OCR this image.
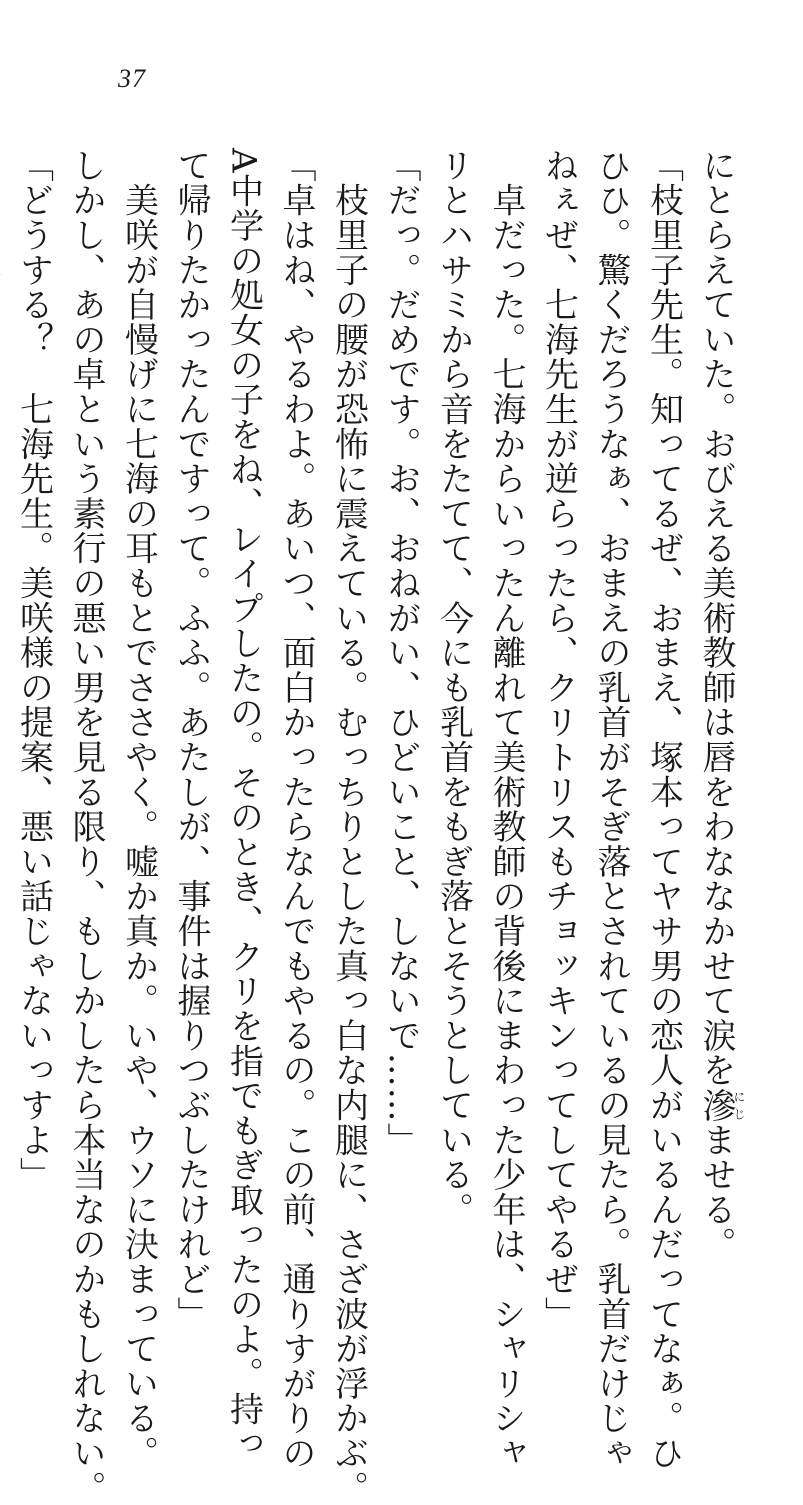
37
にとらえていた。おびえる美術教師は唇をわななかせて涙を滲にじませる。
「枝里子先生。知ってるぜ、おまえ、塚本ってヤサ男の恋人がいるんだってなぁ。ひ
ひひ。驚くだろうなぁ、おまえの乳首がそぎ落とされているの見たら。乳首だけじゃ
ねぇぜ、七海先生が逆らったら、クリトリスもチョッキンってしてやるぜ」
　卓だった。七海からいったん離れて美術教師の背後にまわった少年は、シャリシャ
リとハサミから音をたてて、今にも乳首をもぎ落とそうとしている。
「だっ。だめです。お、おねがい、ひどいこと、しないで……」
　枝里子の腰が恐怖に震えている。むっちりとした真っ白な内腿に、さざ波が浮かぶ。
「卓はね、やるわよ。あいつ、面白かったらなんでもやるの。この前、通りすがりの
A中学の処女の子をね、レイプしたの。そのとき、クリを指でもぎ取ったのよ。持っ
て帰りたかったんですって。ふふ。あたしが、事件は握りつぶしたけれど」
　美咲が自慢げに七海の耳もとでささやく。嘘か真か。いや、ウソに決まっている。
しかし、あの卓という素行の悪い男を見る限り、もしかしたら本当なのかもしれない。
「どうする？　七海先生。美咲様の提案、悪い話じゃないっすよ」
